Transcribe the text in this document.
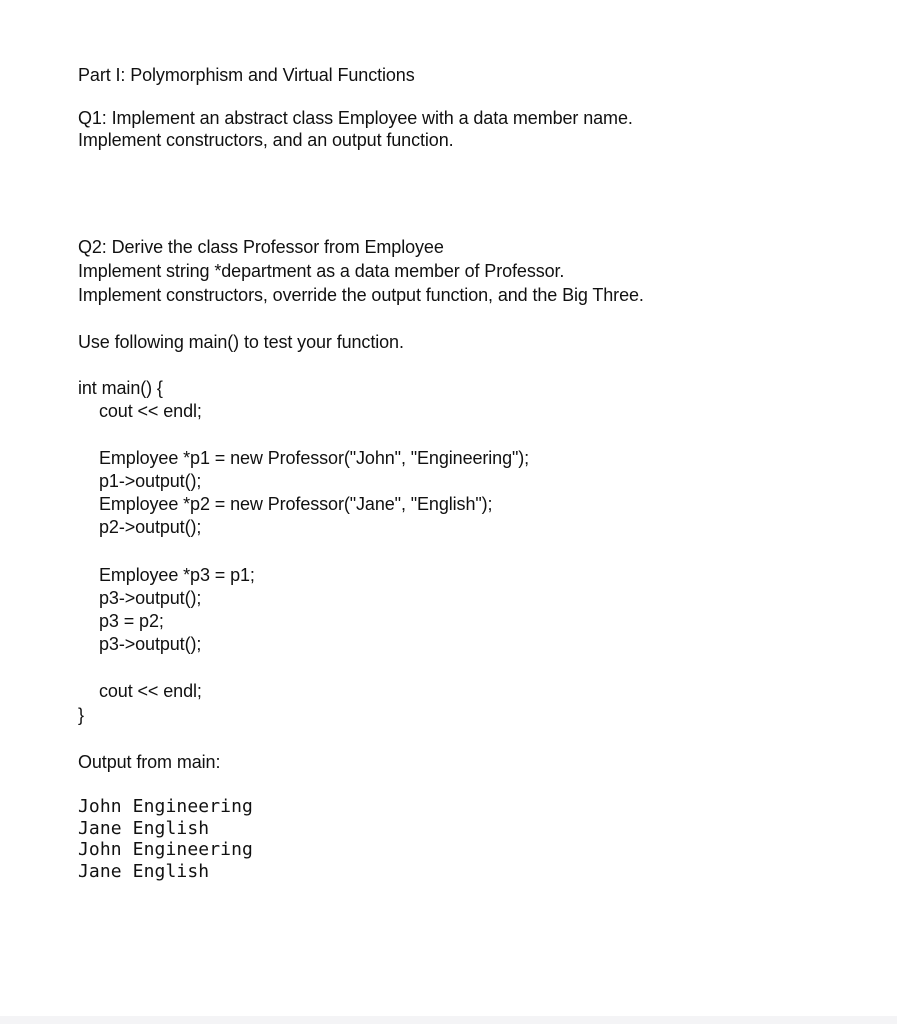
Part I: Polymorphism and Virtual Functions
Q1: Implement an abstract class Employee with a data member name.
Implement constructors, and an output function.
Q2: Derive the class Professor from Employee
Implement string *department as a data member of Professor.
Implement constructors, override the output function, and the Big Three.
Use following main() to test your function.
int main() {
cout << endl;
Employee *p1 = new Professor("John", "Engineering");
p1->output();
Employee *p2 = new Professor("Jane", "English");
p2->output();
Employee *p3 = p1;
p3->output();
p3 = p2;
p3->output();
cout << endl;
}
Output from main:
John Engineering
Jane English
John Engineering
Jane English
